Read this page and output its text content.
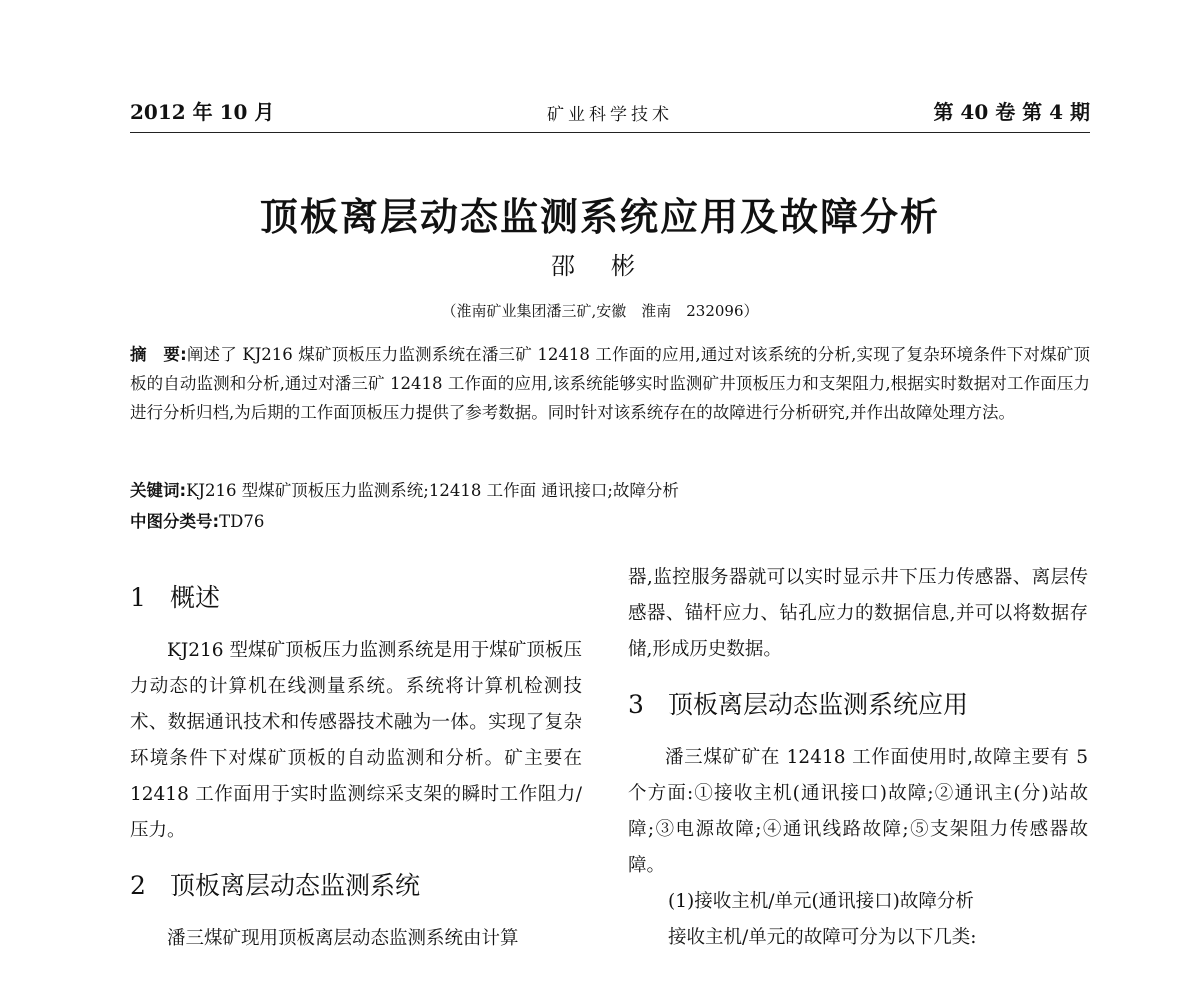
2012 年 10 月	矿业科学技术	第 40 卷 第 4 期
顶板离层动态监测系统应用及故障分析
邵彬
（淮南矿业集团潘三矿,安徽　淮南　232096）
摘　要:阐述了 KJ216 煤矿顶板压力监测系统在潘三矿 12418 工作面的应用,通过对该系统的分析,实现了复杂环境条件下对煤矿顶板的自动监测和分析,通过对潘三矿 12418 工作面的应用,该系统能够实时监测矿井顶板压力和支架阻力,根据实时数据对工作面压力进行分析归档,为后期的工作面顶板压力提供了参考数据。同时针对该系统存在的故障进行分析研究,并作出故障处理方法。
关键词:KJ216 型煤矿顶板压力监测系统;12418 工作面 通讯接口;故障分析
中图分类号:TD76
1 概述

KJ216 型煤矿顶板压力监测系统是用于煤矿顶板压力动态的计算机在线测量系统。系统将计算机检测技术、数据通讯技术和传感器技术融为一体。实现了复杂环境条件下对煤矿顶板的自动监测和分析。矿主要在 12418 工作面用于实时监测综采支架的瞬时工作阻力/压力。

2 顶板离层动态监测系统

潘三煤矿现用顶板离层动态监测系统由计算

器,监控服务器就可以实时显示井下压力传感器、离层传感器、锚杆应力、钻孔应力的数据信息,并可以将数据存储,形成历史数据。

3 顶板离层动态监测系统应用

潘三煤矿矿在 12418 工作面使用时,故障主要有 5 个方面:①接收主机(通讯接口)故障;②通讯主(分)站故障;③电源故障;④通讯线路故障;⑤支架阻力传感器故障。

(1)接收主机/单元(通讯接口)故障分析

接收主机/单元的故障可分为以下几类:
